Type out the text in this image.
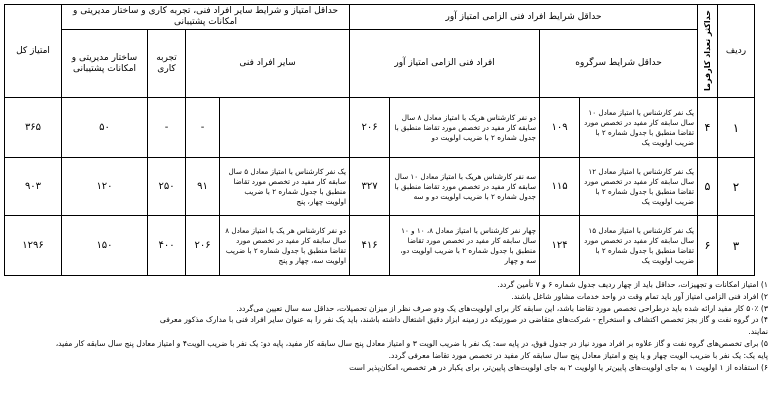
ردیف	حداکثر تعداد کارفرما	حداقل شرایط افراد فنی الزامی امتیاز آور				حداقل امتیاز و شرایط سایر افراد فنی، تجربه کاری و ساختار مدیریتی و امکانات پشتیبانی				امتیاز کل
		حداقل شرایط سرگروه		افراد فنی الزامی امتیاز آور		سایر افراد فنی		تجربه کاری	ساختار مدیریتی و امکانات پشتیبانی	

۱	۴	یک نفر کارشناس با امتیاز معادل ۱۰ سال سابقه کار مفید در تخصص مورد تقاضا منطبق با جدول شماره ۲ با ضریب اولویت یک	۱۰۹	دو نفر کارشناس هریک با امتیاز معادل ۸ سال سابقه کار مفید در تخصص مورد تقاضا منطبق با جدول شماره ۲ با ضریب اولویت دو	۲۰۶		-	-	۵۰	۳۶۵
۲	۵	یک نفر کارشناس با امتیاز معادل ۱۲ سال سابقه کار مفید در تخصص مورد تقاضا منطبق با جدول شماره ۲ با ضریب اولویت یک	۱۱۵	سه نفر کارشناس هریک با امتیاز معادل ۱۰ سال سابقه کار مفید در تخصص مورد تقاضا منطبق با جدول شماره ۲ با ضریب اولویت دو و سه	۳۲۷	یک نفر کارشناس با امتیاز معادل ۵ سال سابقه کار مفید در تخصص مورد تقاضا منطبق با جدول شماره ۲ با ضریب اولویت چهار، پنج	۹۱	۲۵۰	۱۲۰	۹۰۳
۳	۶	یک نفر کارشناس با امتیاز معادل ۱۵ سال سابقه کار مفید در تخصص مورد تقاضا منطبق با جدول شماره ۲ با ضریب اولویت یک	۱۲۴	چهار نفر کارشناس با امتیاز معادل ۸، ۱۰ و ۱۰ سال سابقه کار مفید در تخصص مورد تقاضا منطبق با جدول شماره ۲ با ضریب اولویت دو، سه و چهار	۴۱۶	دو نفر کارشناس هر یک با امتیاز معادل ۸ سال سابقه کار مفید در تخصص مورد تقاضا منطبق با جدول شماره ۲ با ضریب اولویت سه، چهار و پنج	۲۰۶	۴۰۰	۱۵۰	۱۲۹۶
۱) امتیاز امکانات و تجهیزات، حداقل باید از چهار ردیف جدول شماره ۶ و ۷ تأمین گردد.
۲) افراد فنی الزامی امتیاز آور باید تمام وقت در واحد خدمات مشاور شاغل باشند.
۳) ۵۰٪ کار مفید ارائه شده باید درطراحی تخصص مورد تقاضا باشد، این سابقه کار برای اولویت‌های یک ودو صرف نظر از میزان تحصیلات، حداقل سه سال تعیین می‌گردد.
۴) در گروه نفت و گاز بجز تخصص اکتشاف و استخراج - شرکت‌های متقاضی در صورتیکه در زمینه ابزار دقیق اشتغال داشته باشند، باید یک نفر را به عنوان سایر افراد فنی با مدارک مذکور معرفی
نمایند.
۵) برای تخصص‌های گروه نفت و گاز علاوه بر افراد مورد نیاز در جدول فوق، در پایه سه: یک نفر با ضریب الویت ۳ و امتیاز معادل پنج سال سابقه کار مفید، پایه دو: یک نفر با ضریب الویت۴ و امتیاز معادل پنج سال سابقه کار مفید،
پایه یک: یک نفر با ضریب الویت چهار و یا پنج و امتیاز معادل پنج سال سابقه کار مفید در تخصص مورد تقاضا معرفی گردد.
۶) استفاده از ۱ اولویت ۱ به جای اولویت‌های پایین‌تر یا اولویت ۲ به جای اولویت‌های پایین‌تر، برای یکبار در هر تخصص، امکان‌پذیر است
